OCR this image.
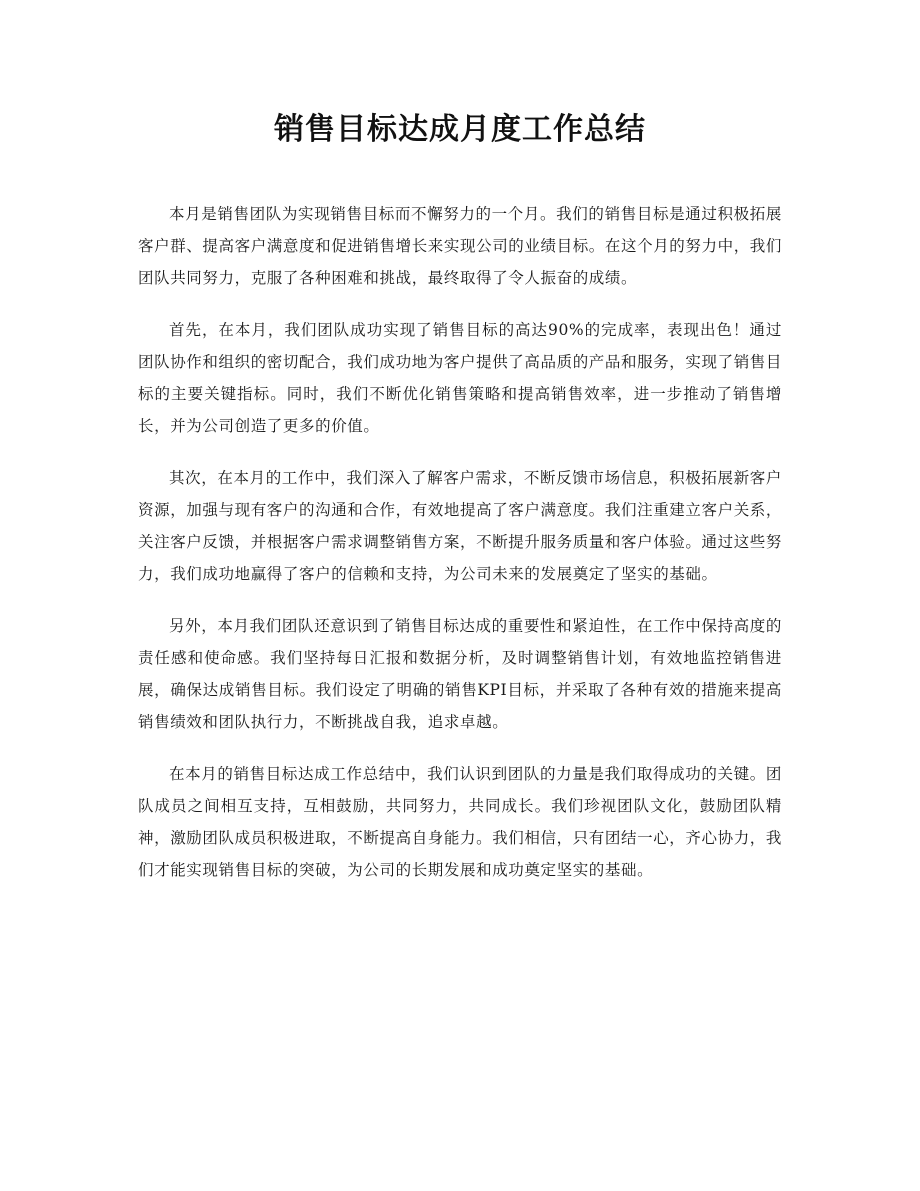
销售目标达成月度工作总结

本月是销售团队为实现销售目标而不懈努力的一个月。我们的销售目标是通过积极拓展客户群、提高客户满意度和促进销售增长来实现公司的业绩目标。在这个月的努力中，我们团队共同努力，克服了各种困难和挑战，最终取得了令人振奋的成绩。

首先，在本月，我们团队成功实现了销售目标的高达90%的完成率，表现出色！通过团队协作和组织的密切配合，我们成功地为客户提供了高品质的产品和服务，实现了销售目标的主要关键指标。同时，我们不断优化销售策略和提高销售效率，进一步推动了销售增长，并为公司创造了更多的价值。

其次，在本月的工作中，我们深入了解客户需求，不断反馈市场信息，积极拓展新客户资源，加强与现有客户的沟通和合作，有效地提高了客户满意度。我们注重建立客户关系，关注客户反馈，并根据客户需求调整销售方案，不断提升服务质量和客户体验。通过这些努力，我们成功地赢得了客户的信赖和支持，为公司未来的发展奠定了坚实的基础。

另外，本月我们团队还意识到了销售目标达成的重要性和紧迫性，在工作中保持高度的责任感和使命感。我们坚持每日汇报和数据分析，及时调整销售计划，有效地监控销售进展，确保达成销售目标。我们设定了明确的销售KPI目标，并采取了各种有效的措施来提高销售绩效和团队执行力，不断挑战自我，追求卓越。

在本月的销售目标达成工作总结中，我们认识到团队的力量是我们取得成功的关键。团队成员之间相互支持，互相鼓励，共同努力，共同成长。我们珍视团队文化，鼓励团队精神，激励团队成员积极进取，不断提高自身能力。我们相信，只有团结一心，齐心协力，我们才能实现销售目标的突破，为公司的长期发展和成功奠定坚实的基础。
